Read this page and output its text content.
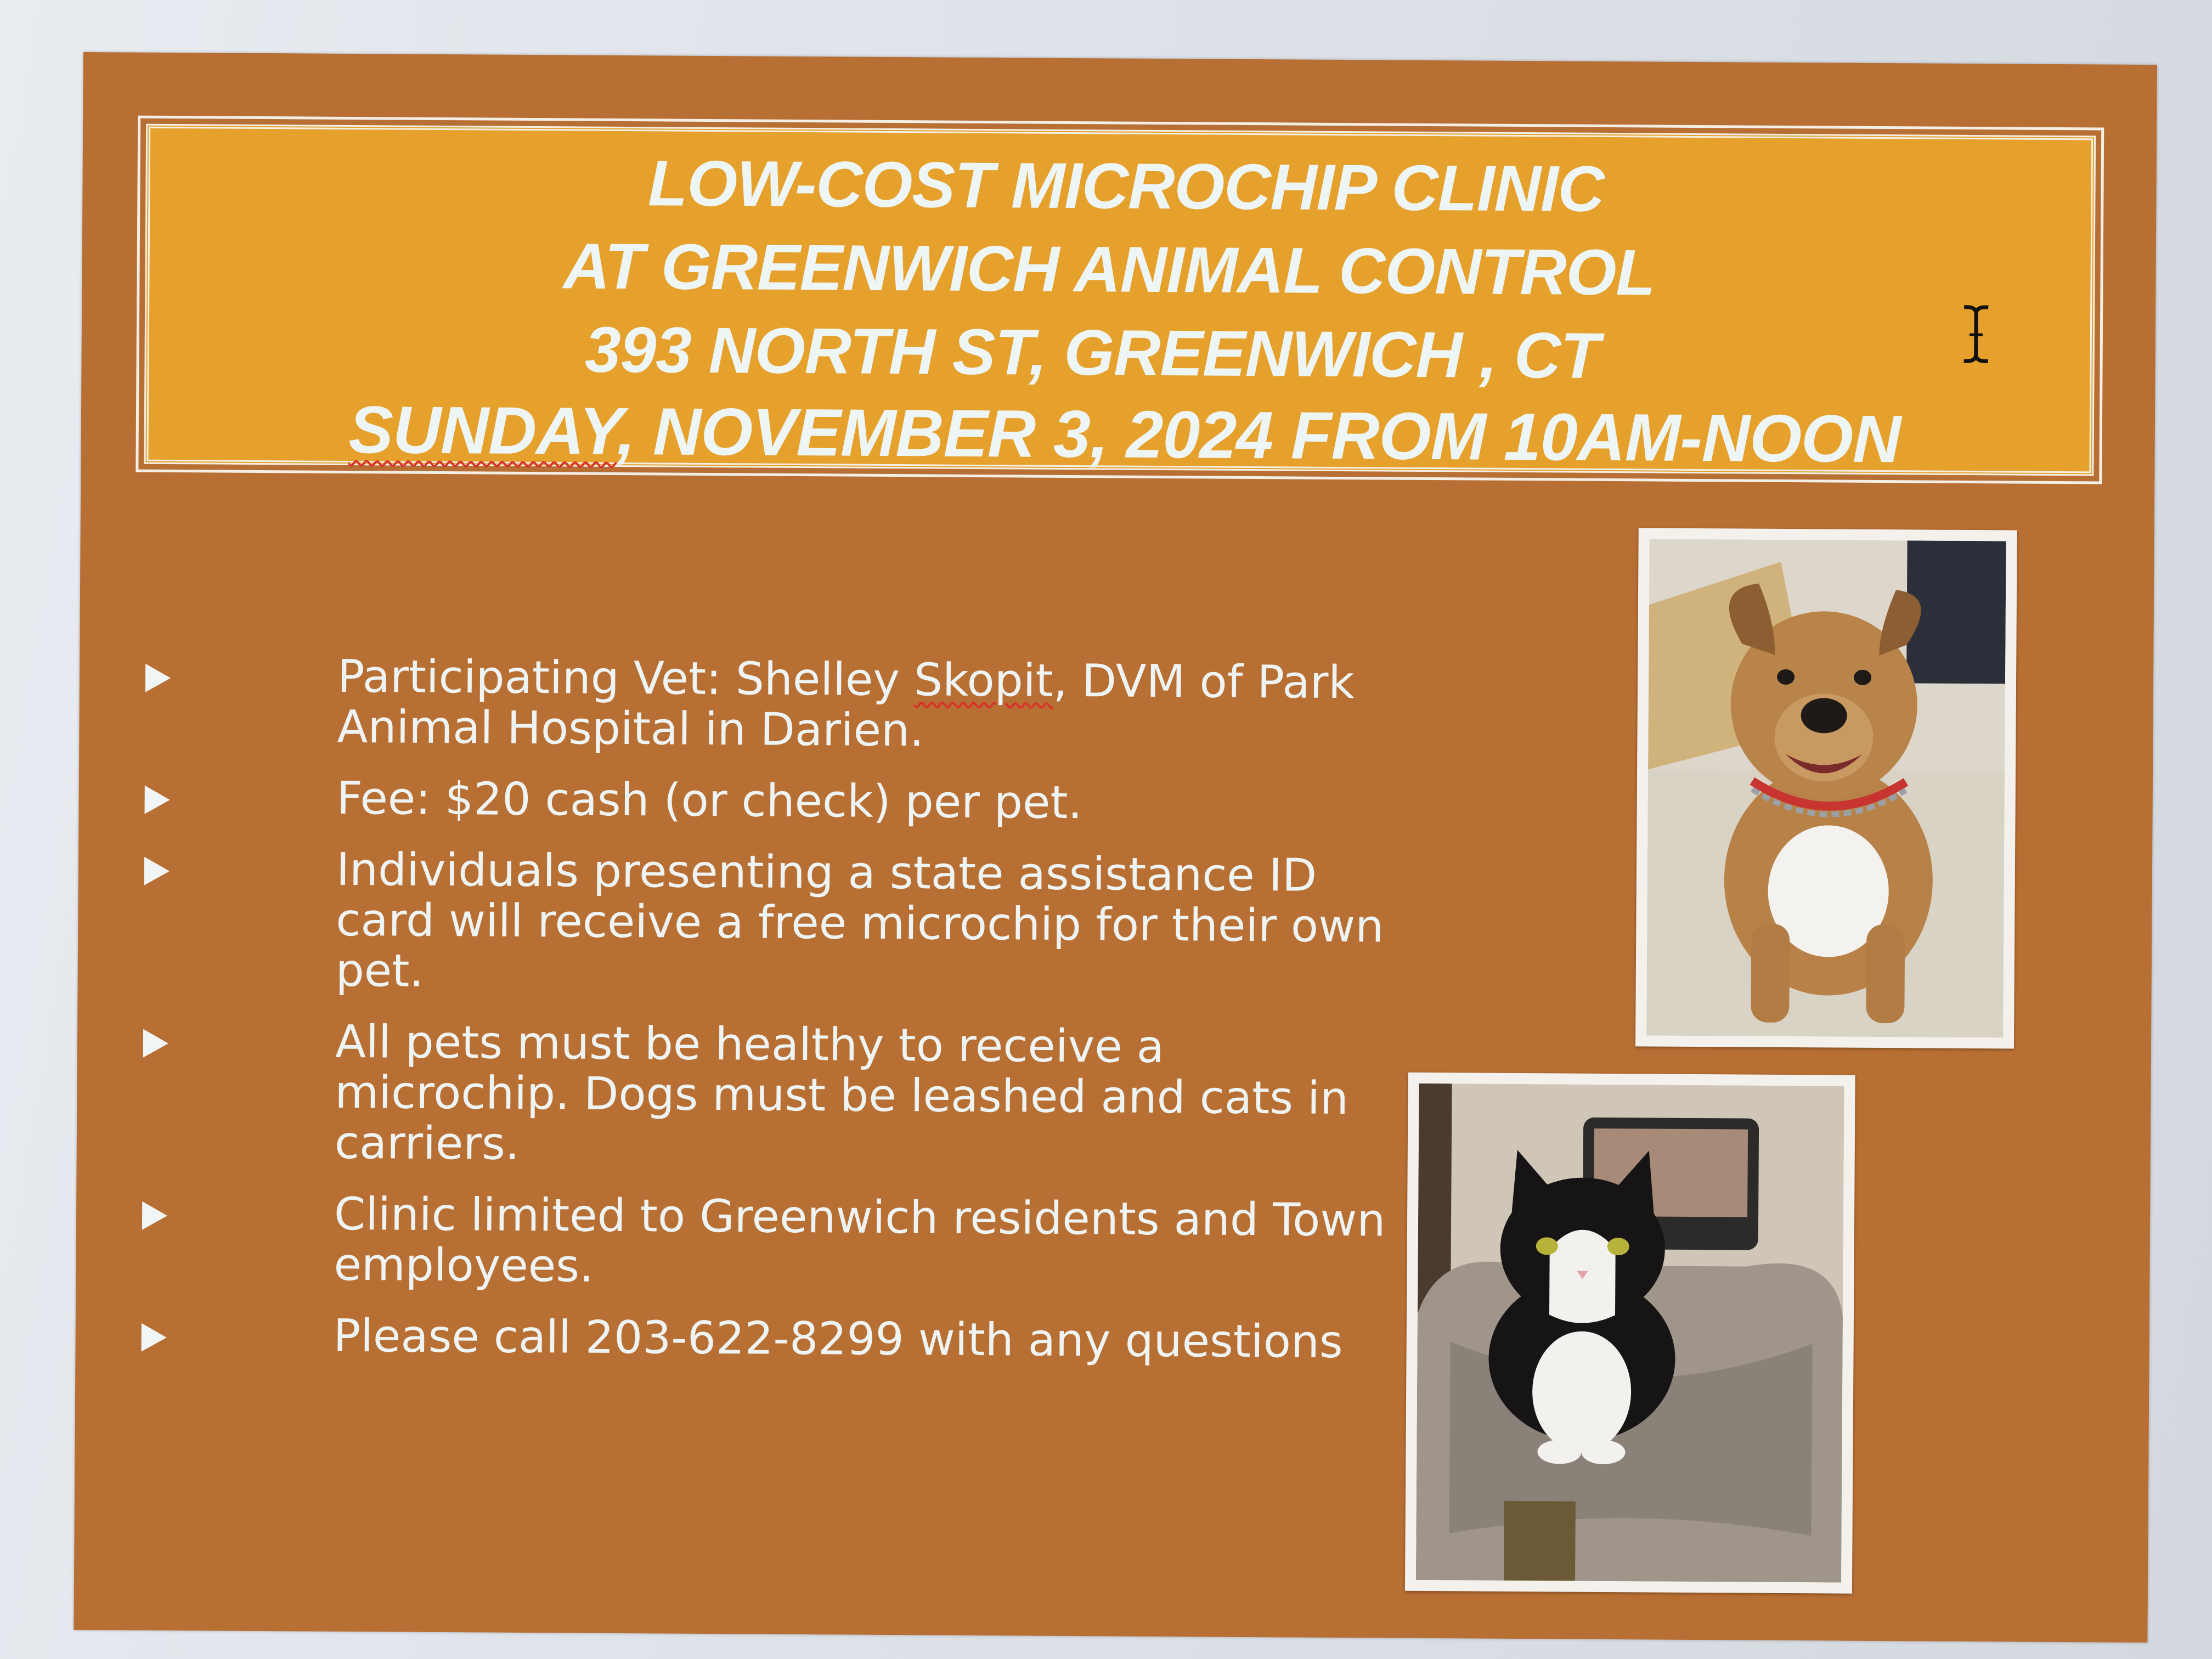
LOW-COST MICROCHIP CLINIC
AT GREENWICH ANIMAL CONTROL
393 NORTH ST, GREENWICH , CT
SUNDAY, NOVEMBER 3, 2024 FROM 10AM-NOON
Participating Vet: Shelley Skopit, DVM of Park Animal Hospital in Darien.
Fee: $20 cash (or check) per pet.
Individuals presenting a state assistance ID card will receive a free microchip for their own pet.
All pets must be healthy to receive a microchip. Dogs must be leashed and cats in carriers.
Clinic limited to Greenwich residents and Town employees.
Please call 203-622-8299 with any questions
